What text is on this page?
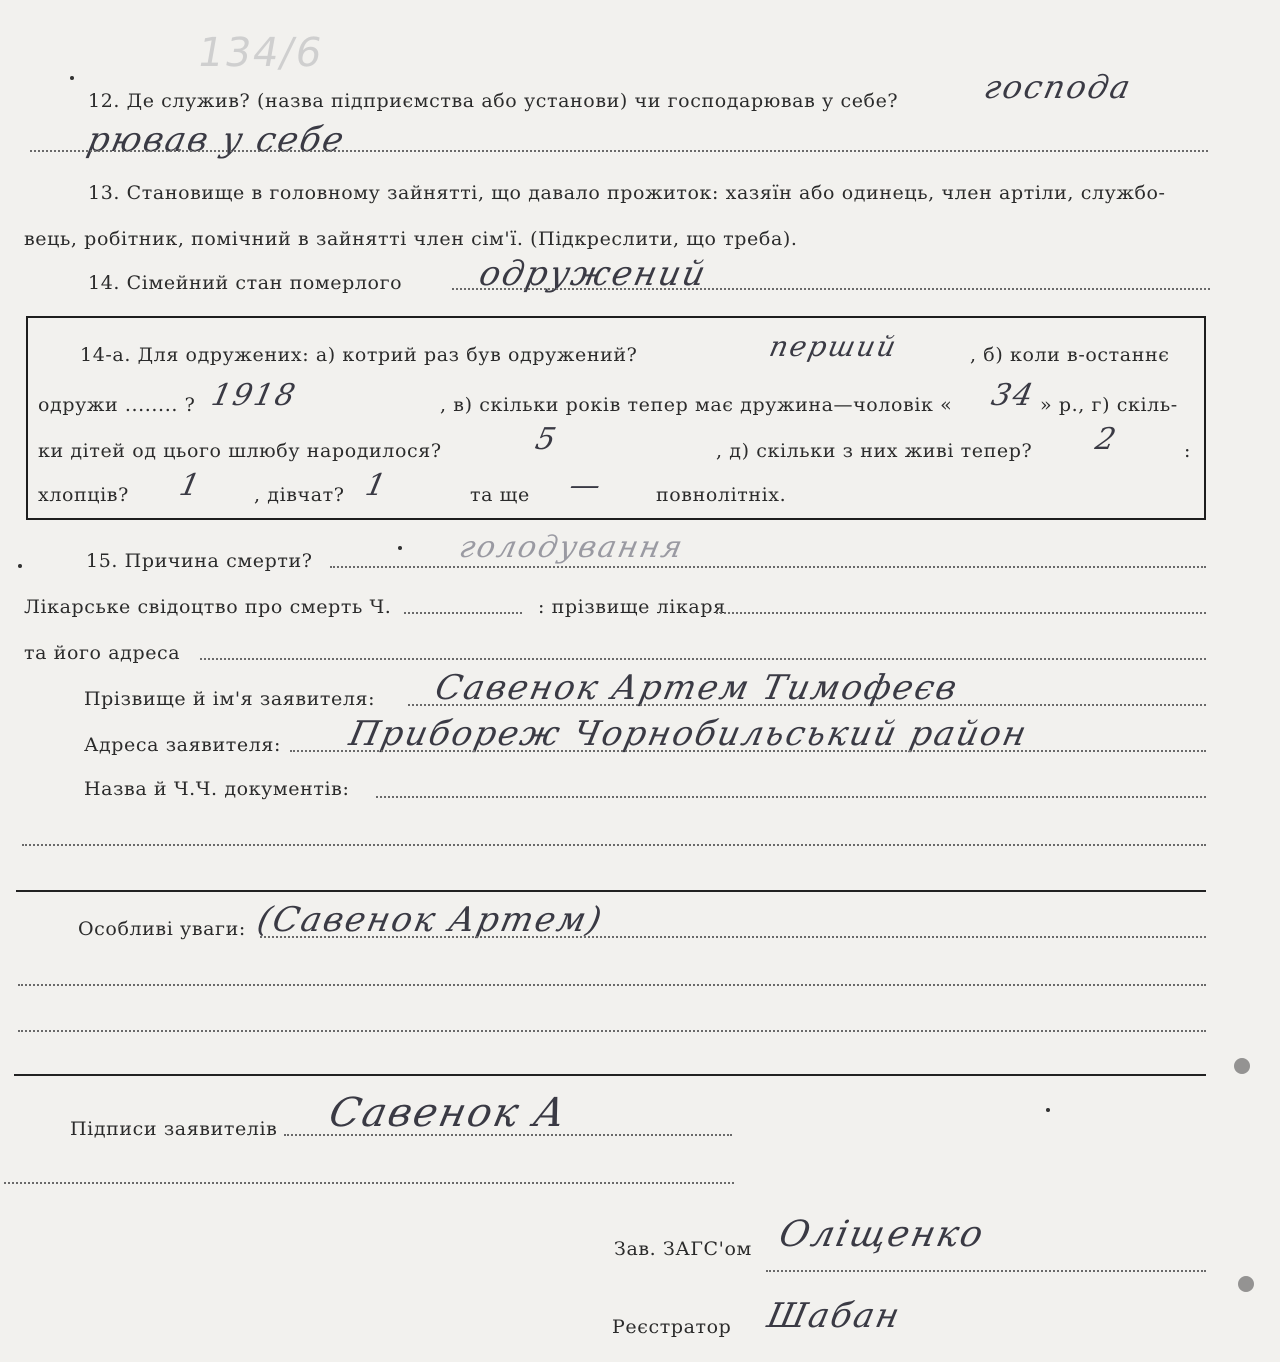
134/6
12. Де служив? (назва підприємства або установи) чи господарював у себе?	господа
рював у себе
13. Становище в головному зайнятті, що давало прожиток: хазяїн або одинець, член артіли, службо-
вець, робітник, помічний в зайнятті член сім'ї. (Підкреслити, що треба).
14. Сімейний стан померлого одружений
14-а. Для одружених: а) котрий раз був одружений?	перший	, б) коли в-останнє
одружи ........ ? 1918	, в) скільки років тепер має дружина—чоловік « 34 » р., г) скіль-
ки дітей од цього шлюбу народилося?	5	, д) скільки з них живі тепер? 2	:
хлопців? 1	, дівчат? 1	та ще —	повнолітніх.
15. Причина смерти?	голодування
Лікарське свідоцтво про смерть Ч.	: прізвище лікаря
та його адреса
Прізвище й ім'я заявителя: Савенок Артем Тимофеєв
Адреса заявителя: Прибореж Чорнобильський район
Назва й Ч.Ч. документів:
Особливі уваги: (Савенок Артем)
Підписи заявителів Савенок А
Зав. ЗАГС'ом Оліщенко
Реєстратор Шабан
